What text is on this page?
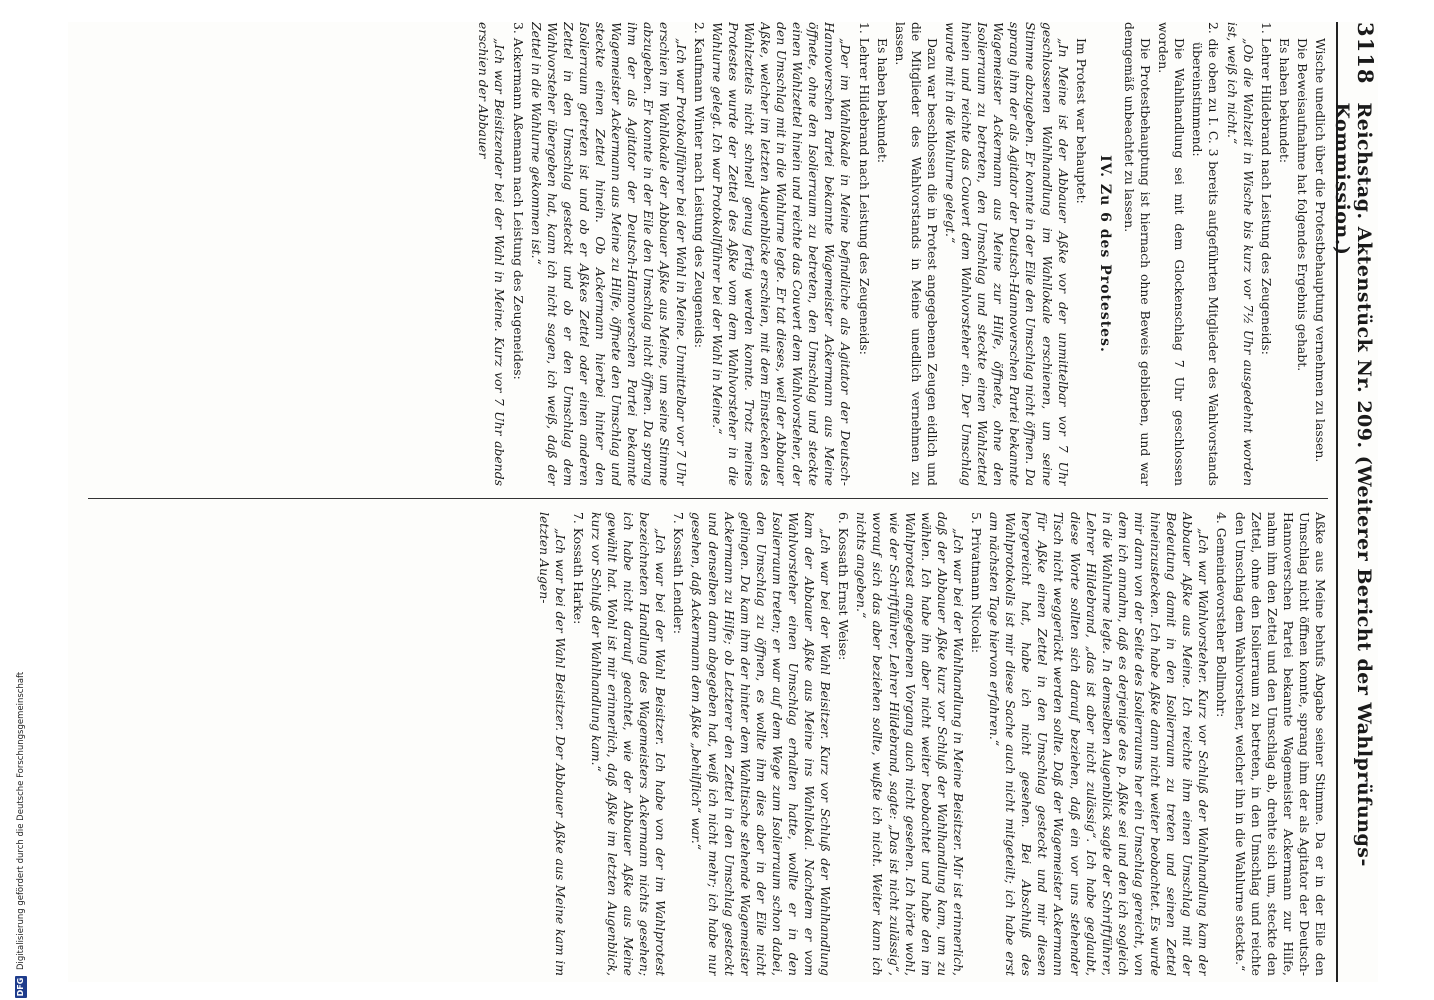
3118
Reichstag. Aktenstück Nr. 209. (Weiterer Bericht der Wahlprüfungs-Kommission.)

Wische unedlich über die Protestbehauptung vernehmen zu lassen.

Die Beweisaufnahme hat folgendes Ergebnis gehabt.

Es haben bekundet:

1. Lehrer Hildebrand nach Leistung des Zeugeneids:

„Ob die Wahlzeit in Wische bis kurz vor 7½ Uhr ausgedehnt worden ist, weiß ich nicht.“

2. die oben zu I. C. 3 bereits aufgeführten Mitglieder des Wahlvorstands übereinstimmend:

Die Wahlhandlung sei mit dem Glockenschlag 7 Uhr geschlossen worden.

Die Protestbehauptung ist hiernach ohne Beweis geblieben, und war demgemäß unbeachtet zu lassen.

IV. Zu 6 des Protestes.

Im Protest war behauptet:

„In Meine ist der Abbauer Aßke vor der unmittelbar vor 7 Uhr geschlossenen Wahlhandlung im Wahllokale erschienen, um seine Stimme abzugeben. Er konnte in der Eile den Umschlag nicht öffnen. Da sprang ihm der als Agitator der Deutsch-Hannoverschen Partei bekannte Wagemeister Ackermann aus Meine zur Hilfe, öffnete, ohne den Isolierraum zu betreten, den Umschlag und steckte einen Wahlzettel hinein und reichte das Couvert dem Wahlvorsteher ein. Der Umschlag wurde mit in die Wahlurne gelegt.“

Dazu war beschlossen die in Protest angegebenen Zeugen eidlich und die Mitglieder des Wahlvorstands in Meine unedlich vernehmen zu lassen.

Es haben bekundet:

1. Lehrer Hildebrand nach Leistung des Zeugeneids:

„Der im Wahllokale in Meine befindliche als Agitator der Deutsch-Hannoverschen Partei bekannte Wagemeister Ackermann aus Meine öffnete, ohne den Isolierraum zu betreten, den Umschlag und steckte einen Wahlzettel hinein und reichte das Couvert dem Wahlvorsteher, der den Umschlag mit in die Wahlurne legte. Er tat dieses, weil der Abbauer Aßke, welcher im letzten Augenblicke erschien, mit dem Einstecken des Wahlzettels nicht schnell genug fertig werden konnte. Trotz meines Protestes wurde der Zettel des Aßke vom dem Wahlvorsteher in die Wahlurne gelegt. Ich war Protokollführer bei der Wahl in Meine.“

2. Kaufmann Winter nach Leistung des Zeugeneids:

„Ich war Protokollführer bei der Wahl in Meine. Unmittelbar vor 7 Uhr erschien im Wahllokale der Abbauer Aßke aus Meine, um seine Stimme abzugeben. Er konnte in der Eile den Umschlag nicht öffnen. Da sprang ihm der als Agitator der Deutsch-Hannoverschen Partei bekannte Wagemeister Ackermann aus Meine zu Hilfe, öffnete den Umschlag und steckte einen Zettel hinein. Ob Ackermann hierbei hinter den Isolierraum getreten ist und ob er Aßkes Zettel oder einen anderen Zettel in den Umschlag gesteckt und ob er den Umschlag dem Wahlvorsteher übergeben hat, kann ich nicht sagen, ich weiß, daß der Zettel in die Wahlurne gekommen ist.“

3. Ackermann Aßemann nach Leistung des Zeugeneides:

„Ich war Beisitzender bei der Wahl in Meine. Kurz vor 7 Uhr abends erschien der Abbauer

Aßke aus Meine behufs Abgabe seiner Stimme. Da er in der Eile den Umschlag nicht öffnen konnte, sprang ihm der als Agitator der Deutsch-Hannoverschen Partei bekannte Wagemeister Ackermann zur Hilfe, nahm ihm den Zettel und den Umschlag ab, drehte sich um, steckte den Zettel, ohne den Isolierraum zu betreten, in den Umschlag und reichte den Umschlag dem Wahlvorsteher, welcher ihn in die Wahlurne steckte.“

4. Gemeindevorsteher Bollmohr:

„Ich war Wahlvorsteher. Kurz vor Schluß der Wahlhandlung kam der Abbauer Aßke aus Meine. Ich reichte ihm einen Umschlag mit der Bedeutung damit in den Isolierraum zu treten und seinen Zettel hineinzustecken. Ich habe Aßke dann nicht weiter beobachtet. Es wurde mir dann von der Seite des Isolierraums her ein Umschlag gereicht, von dem ich annahm, daß es derjenige des p. Aßke sei und den ich sogleich in die Wahlurne legte. In demselben Augenblick sagte der Schriftführer, Lehrer Hildebrand, „das ist aber nicht zulässig“. Ich habe geglaubt, diese Worte sollten sich darauf beziehen, daß ein vor uns stehender Tisch nicht weggerückt werden sollte. Daß der Wagemeister Ackermann für Aßke einen Zettel in den Umschlag gesteckt und mir diesen hergereicht hat, habe ich nicht gesehen. Bei Abschluß des Wahlprotokolls ist mir diese Sache auch nicht mitgeteilt; ich habe erst am nächsten Tage hiervon erfahren.“

5. Privatmann Nicolai:

„Ich war bei der Wahlhandlung in Meine Beisitzer. Mir ist erinnerlich, daß der Abbauer Aßke kurz vor Schluß der Wahlhandlung kam, um zu wählen. Ich habe ihn aber nicht weiter beobachtet und habe den im Wahlprotest angegebenen Vorgang auch nicht gesehen. Ich hörte wohl, wie der Schriftführer, Lehrer Hildebrand, sagte: „Das ist nicht zulässig“, worauf sich das aber beziehen sollte, wußte ich nicht. Weiter kann ich nichts angeben.“

6. Kossath Ernst Weise:

„Ich war bei der Wahl Beisitzer. Kurz vor Schluß der Wahlhandlung kam der Abbauer Aßke aus Meine ins Wahllokal. Nachdem er vom Wahlvorsteher einen Umschlag erhalten hatte, wollte er in den Isolierraum treten; er war auf dem Wege zum Isolierraum schon dabei, den Umschlag zu öffnen, es wollte ihm dies aber in der Eile nicht gelingen. Da kam ihm der hinter dem Wahltische stehende Wagemeister Ackermann zu Hilfe; ob Letzterer den Zettel in den Umschlag gesteckt und denselben dann abgegeben hat, weiß ich nicht mehr; ich habe nur gesehen, daß Ackermann dem Aßke „behilflich“ war.“

7. Kossath Lendler:

„Ich war bei der Wahl Beisitzer. Ich habe von der im Wahlprotest bezeichneten Handlung des Wagemeisters Ackermann nichts gesehen; ich habe nicht darauf geachtet, wie der Abbauer Aßke aus Meine gewählt hat. Wohl ist mir erinnerlich, daß Aßke im letzten Augenblick, kurz vor Schluß der Wahlhandlung kam.“

7. Kossath Harke:

„Ich war bei der Wahl Beisitzer. Der Abbauer Aßke aus Meine kam im letzten Augen-

DFG
Digitalisierung gefördert durch die Deutsche Forschungsgemeinschaft
